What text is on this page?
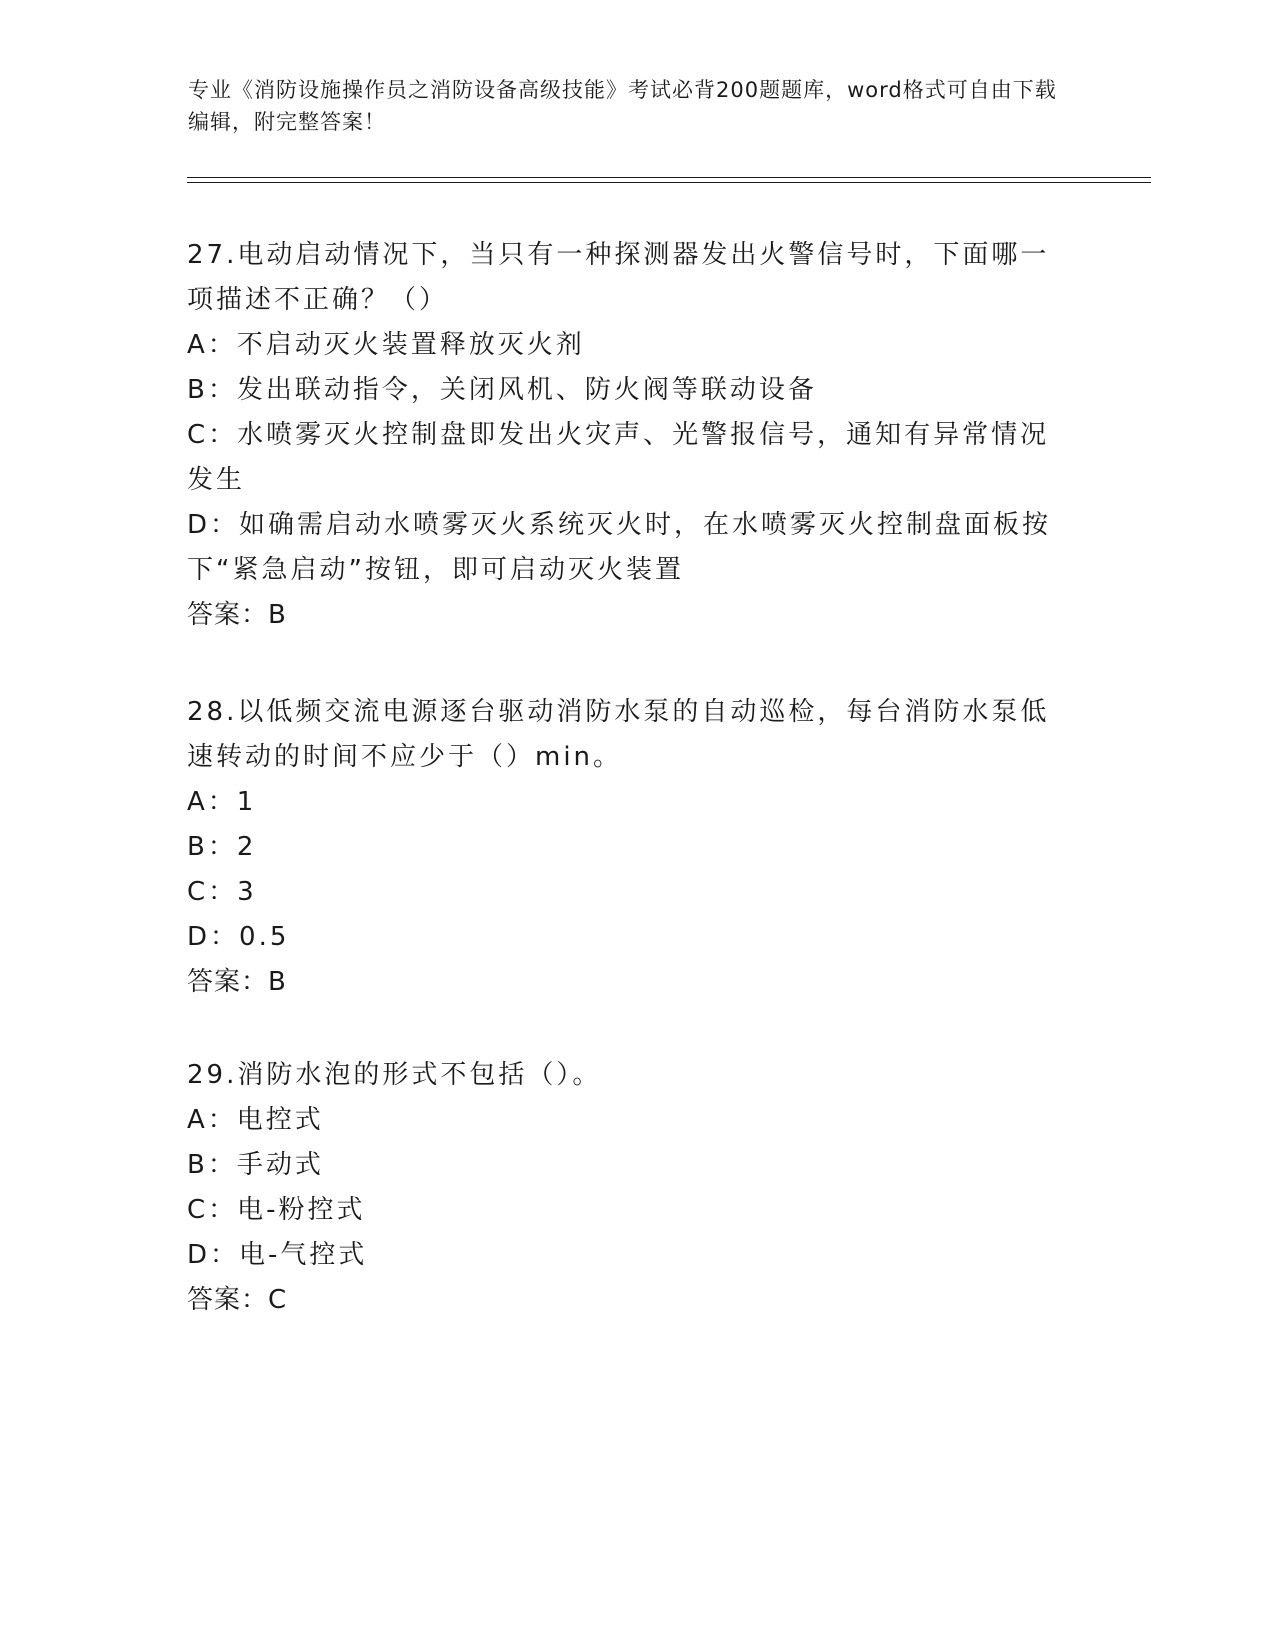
专业《消防设施操作员之消防设备高级技能》考试必背200题题库，word格式可自由下载编辑，附完整答案！

27.电动启动情况下，当只有一种探测器发出火警信号时，下面哪一项描述不正确？（）

A：不启动灭火装置释放灭火剂

B：发出联动指令，关闭风机、防火阀等联动设备

C：水喷雾灭火控制盘即发出火灾声、光警报信号，通知有异常情况发生

D：如确需启动水喷雾灭火系统灭火时，在水喷雾灭火控制盘面板按下“紧急启动”按钮，即可启动灭火装置

答案：B

28.以低频交流电源逐台驱动消防水泵的自动巡检，每台消防水泵低速转动的时间不应少于（）min。

A：1

B：2

C：3

D：0.5

答案：B

29.消防水泡的形式不包括（）。

A：电控式

B：手动式

C：电-粉控式

D：电-气控式

答案：C
